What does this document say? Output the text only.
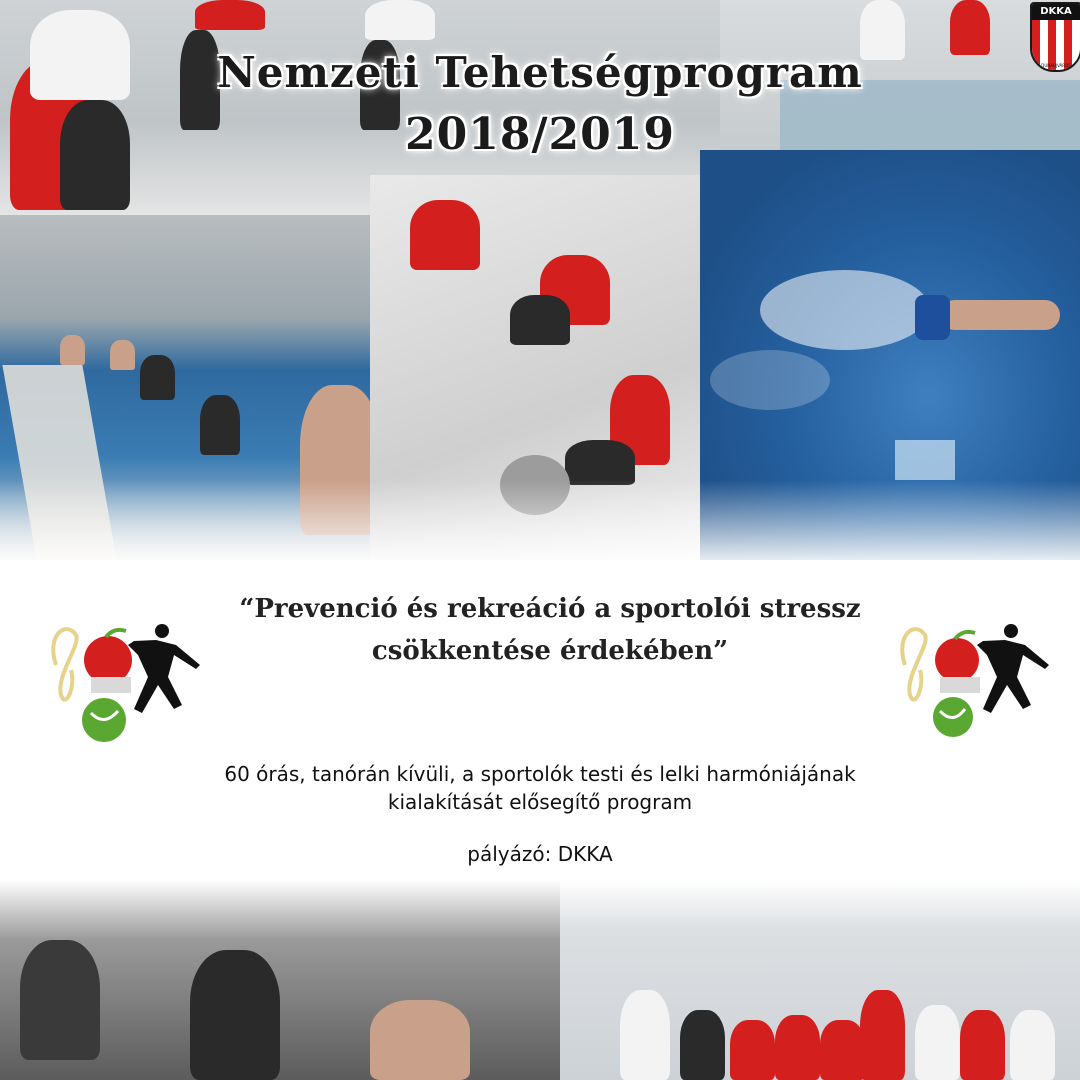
Nemzeti Tehetségprogram
2018/2019
DKKA
DUNAÚJVÁROS
“Prevenció és rekreáció a sportolói stressz
csökkentése érdekében”
60 órás, tanórán kívüli, a sportolók testi és lelki harmóniájának
kialakítását elősegítő program
pályázó: DKKA
